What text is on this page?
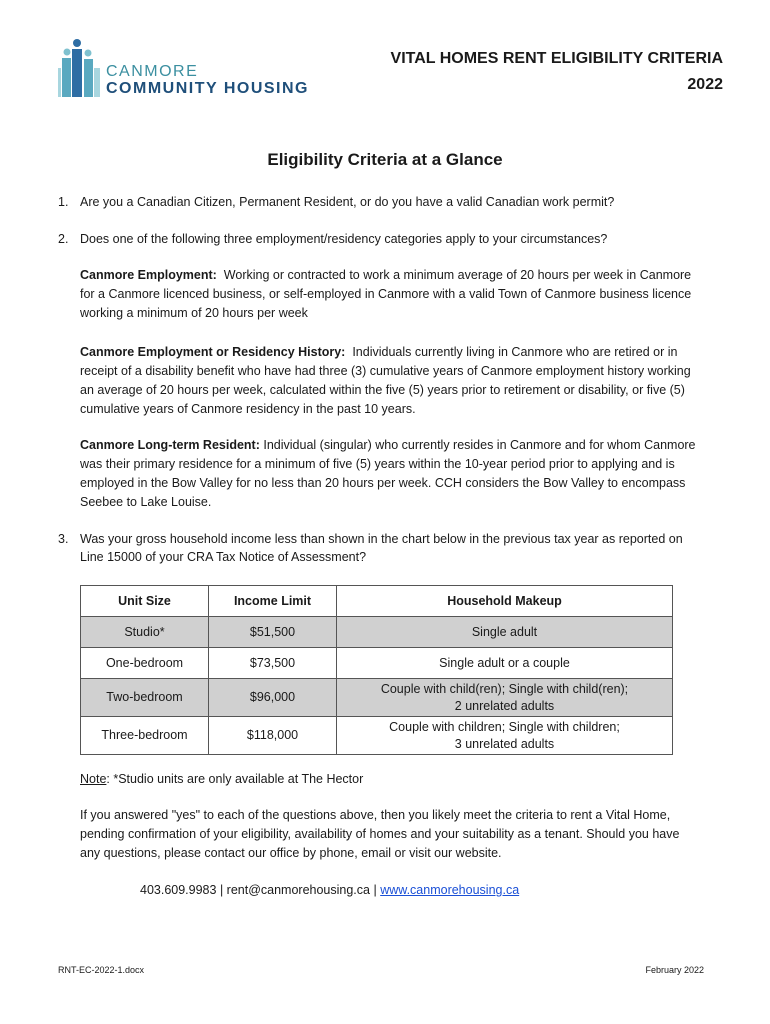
CANMORE
COMMUNITY HOUSING
VITAL HOMES RENT ELIGIBILITY CRITERIA
2022
Eligibility Criteria at a Glance
1. Are you a Canadian Citizen, Permanent Resident, or do you have a valid Canadian work permit?
2. Does one of the following three employment/residency categories apply to your circumstances?
Canmore Employment: Working or contracted to work a minimum average of 20 hours per week in Canmore for a Canmore licenced business, or self-employed in Canmore with a valid Town of Canmore business licence working a minimum of 20 hours per week
Canmore Employment or Residency History: Individuals currently living in Canmore who are retired or in receipt of a disability benefit who have had three (3) cumulative years of Canmore employment history working an average of 20 hours per week, calculated within the five (5) years prior to retirement or disability, or five (5) cumulative years of Canmore residency in the past 10 years.
Canmore Long-term Resident: Individual (singular) who currently resides in Canmore and for whom Canmore was their primary residence for a minimum of five (5) years within the 10-year period prior to applying and is employed in the Bow Valley for no less than 20 hours per week. CCH considers the Bow Valley to encompass Seebee to Lake Louise.
3. Was your gross household income less than shown in the chart below in the previous tax year as reported on Line 15000 of your CRA Tax Notice of Assessment?
Unit Size	Income Limit	Household Makeup
Studio*	$51,500	Single adult
One-bedroom	$73,500	Single adult or a couple
Two-bedroom	$96,000	Couple with child(ren); Single with child(ren);
2 unrelated adults

Three-bedroom	$118,000	Couple with children; Single with children;
3 unrelated adults
Note: *Studio units are only available at The Hector
If you answered "yes" to each of the questions above, then you likely meet the criteria to rent a Vital Home, pending confirmation of your eligibility, availability of homes and your suitability as a tenant. Should you have any questions, please contact our office by phone, email or visit our website.
403.609.9983 | rent@canmorehousing.ca | www.canmorehousing.ca
RNT-EC-2022-1.docx	February 2022
